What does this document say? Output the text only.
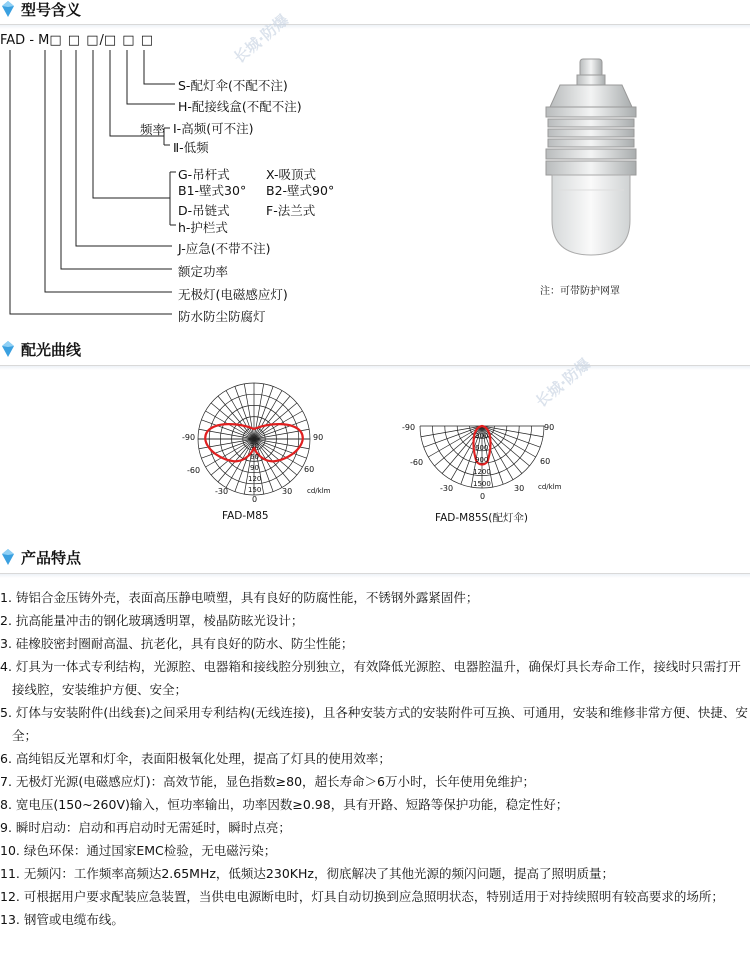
型号含义
FAD - M□ □ □/□ □ □
S-配灯伞(不配不注)
H-配接线盒(不配不注)
频率 Ⅰ-高频(可不注)
Ⅱ-低频
G-吊杆式	X-吸顶式
B1-壁式30° B2-壁式90°
D-吊链式	F-法兰式
h-护栏式
J-应急(不带不注)
额定功率
无极灯(电磁感应灯)
防水防尘防腐灯
注：可带防护网罩
配光曲线
30
60
90
120
150
-90	90
-60	60
-30	30
0
cd/klm
FAD-M85
300
600
900
1200
1500
-90	90
-60	60
-30	30
0
cd/klm
FAD-M85S(配灯伞)
长城·防爆
长城·防爆
产品特点

1. 铸铝合金压铸外壳，表面高压静电喷塑，具有良好的防腐性能，不锈钢外露紧固件；

2. 抗高能量冲击的钢化玻璃透明罩，棱晶防眩光设计；

3. 硅橡胶密封圈耐高温、抗老化，具有良好的防水、防尘性能；

4. 灯具为一体式专利结构，光源腔、电器箱和接线腔分别独立，有效降低光源腔、电器腔温升，确保灯具长寿命工作，接线时只需打开接线腔，安装维护方便、安全；

5. 灯体与安装附件(出线套)之间采用专利结构(无线连接)，且各种安装方式的安装附件可互换、可通用，安装和维修非常方便、快捷、安全；

6. 高纯铝反光罩和灯伞，表面阳极氧化处理，提高了灯具的使用效率；

7. 无极灯光源(电磁感应灯)：高效节能，显色指数≥80，超长寿命＞6万小时，长年使用免维护；

8. 宽电压(150~260V)输入，恒功率输出，功率因数≥0.98，具有开路、短路等保护功能，稳定性好；

9. 瞬时启动：启动和再启动时无需延时，瞬时点亮；

10. 绿色环保：通过国家EMC检验，无电磁污染；

11. 无频闪：工作频率高频达2.65MHz，低频达230KHz，彻底解决了其他光源的频闪问题，提高了照明质量；

12. 可根据用户要求配装应急装置，当供电电源断电时，灯具自动切换到应急照明状态，特别适用于对持续照明有较高要求的场所；

13. 钢管或电缆布线。
